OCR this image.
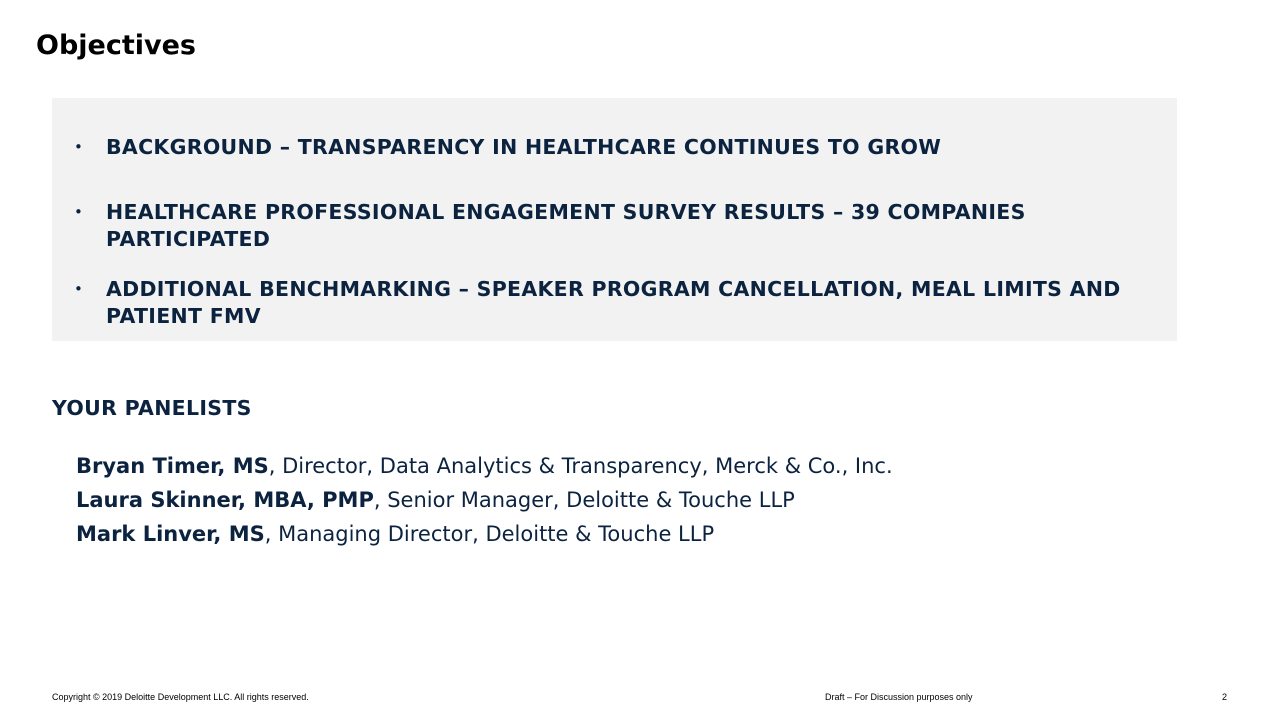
Objectives
• BACKGROUND – TRANSPARENCY IN HEALTHCARE CONTINUES TO GROW
• HEALTHCARE PROFESSIONAL ENGAGEMENT SURVEY RESULTS – 39 COMPANIES PARTICIPATED
• ADDITIONAL BENCHMARKING – SPEAKER PROGRAM CANCELLATION, MEAL LIMITS AND PATIENT FMV
YOUR PANELISTS
Bryan Timer, MS, Director, Data Analytics & Transparency, Merck & Co., Inc.
Laura Skinner, MBA, PMP, Senior Manager, Deloitte & Touche LLP
Mark Linver, MS, Managing Director, Deloitte & Touche LLP
Copyright © 2019 Deloitte Development LLC. All rights reserved.	Draft – For Discussion purposes only	2
